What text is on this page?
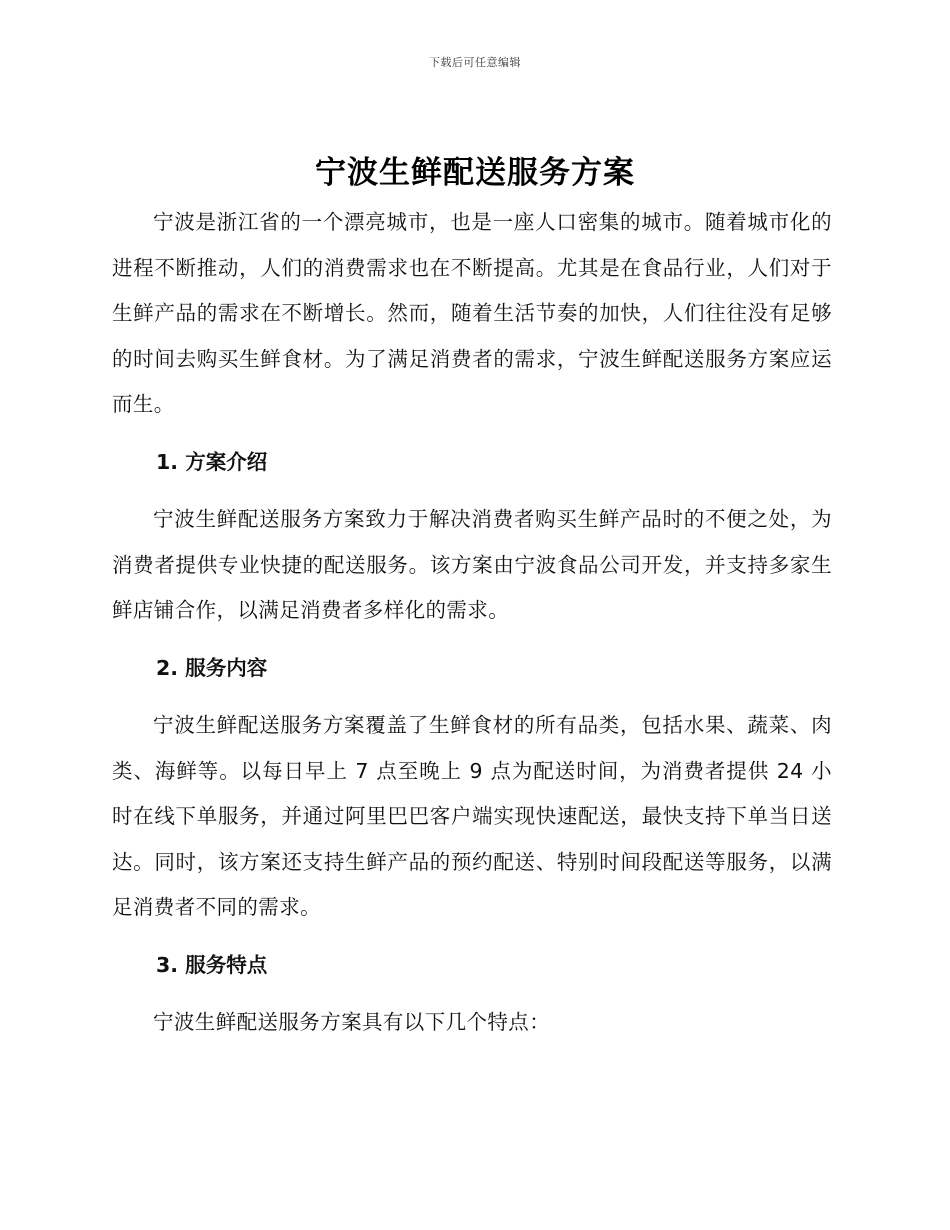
下载后可任意编辑
宁波生鲜配送服务方案

宁波是浙江省的一个漂亮城市，也是一座人口密集的城市。随着城市化的进程不断推动，人们的消费需求也在不断提高。尤其是在食品行业，人们对于生鲜产品的需求在不断增长。然而，随着生活节奏的加快，人们往往没有足够的时间去购买生鲜食材。为了满足消费者的需求，宁波生鲜配送服务方案应运而生。

1. 方案介绍

宁波生鲜配送服务方案致力于解决消费者购买生鲜产品时的不便之处，为消费者提供专业快捷的配送服务。该方案由宁波食品公司开发，并支持多家生鲜店铺合作，以满足消费者多样化的需求。

2. 服务内容

宁波生鲜配送服务方案覆盖了生鲜食材的所有品类，包括水果、蔬菜、肉类、海鲜等。以每日早上 7 点至晚上 9 点为配送时间，为消费者提供 24 小时在线下单服务，并通过阿里巴巴客户端实现快速配送，最快支持下单当日送达。同时，该方案还支持生鲜产品的预约配送、特别时间段配送等服务，以满足消费者不同的需求。

3. 服务特点

宁波生鲜配送服务方案具有以下几个特点：
